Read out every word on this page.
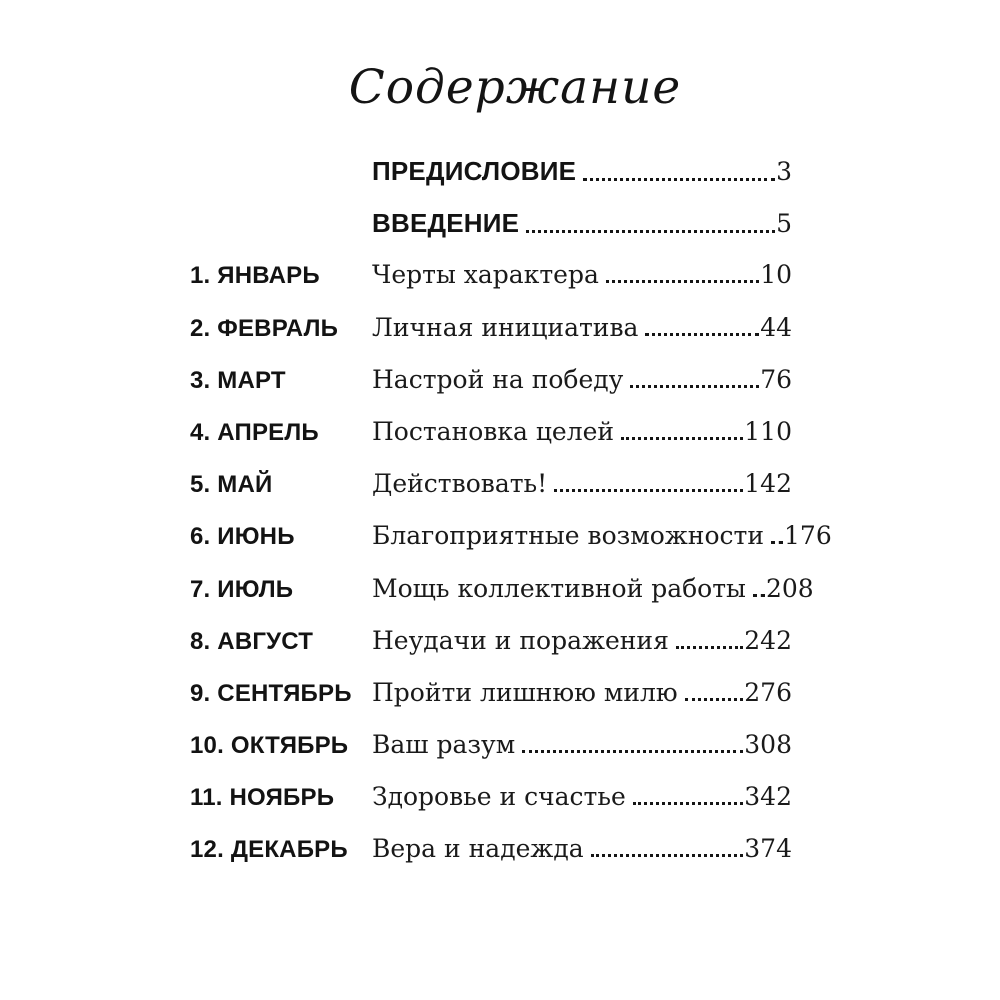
Содержание
ПРЕДИСЛОВИЕ	3
ВВЕДЕНИЕ	5
1. ЯНВАРЬ	Черты характера	10
2. ФЕВРАЛЬ	Личная инициатива	44
3. МАРТ	Настрой на победу	76
4. АПРЕЛЬ	Постановка целей	110
5. МАЙ	Действовать!	142
6. ИЮНЬ	Благоприятные возможности 176
7. ИЮЛЬ	Мощь коллективной работы 208
8. АВГУСТ	Неудачи и поражения	242
9. СЕНТЯБРЬ Пройти лишнюю милю	276
10. ОКТЯБРЬ Ваш разум	308
11. НОЯБРЬ	Здоровье и счастье	342
12. ДЕКАБРЬ Вера и надежда	374
